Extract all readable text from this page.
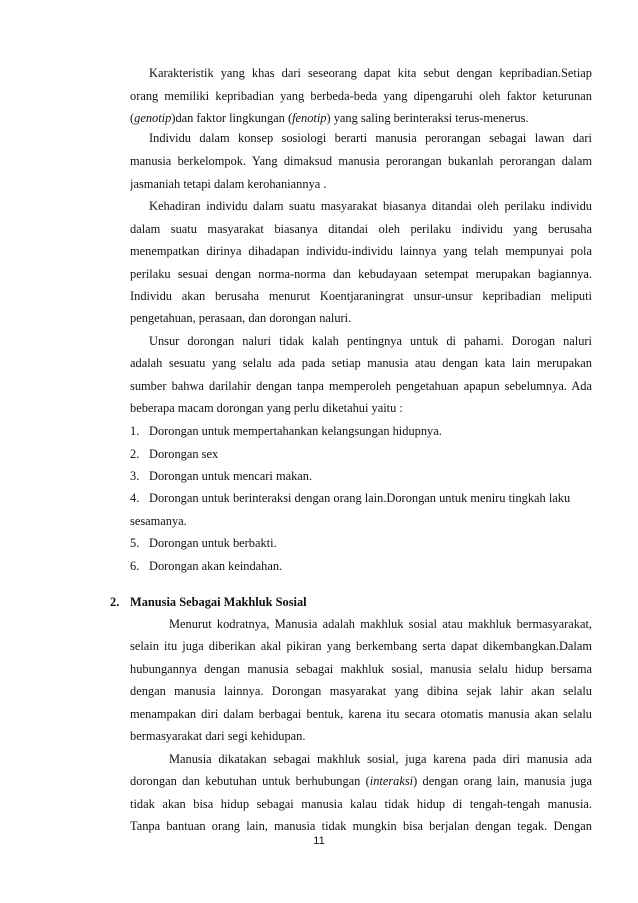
Karakteristik yang khas dari seseorang dapat kita sebut dengan kepribadian.Setiap
orang memiliki kepribadian yang berbeda-beda yang dipengaruhi oleh faktor keturunan
(genotip)dan faktor lingkungan (fenotip) yang saling berinteraksi terus-menerus.
Individu dalam konsep sosiologi berarti manusia perorangan sebagai lawan dari
manusia berkelompok. Yang dimaksud manusia perorangan bukanlah perorangan dalam
jasmaniah tetapi dalam kerohaniannya .
Kehadiran individu dalam suatu masyarakat biasanya ditandai oleh perilaku individu
dalam suatu masyarakat biasanya ditandai oleh perilaku individu yang berusaha
menempatkan dirinya dihadapan individu-individu lainnya yang telah mempunyai pola
perilaku sesuai dengan norma-norma dan kebudayaan setempat merupakan bagiannya.
Individu akan berusaha menurut Koentjaraningrat unsur-unsur kepribadian meliputi
pengetahuan, perasaan, dan dorongan naluri.
Unsur dorongan naluri tidak kalah pentingnya untuk di pahami. Dorogan naluri
adalah sesuatu yang selalu ada pada setiap manusia atau dengan kata lain merupakan
sumber bahwa darilahir dengan tanpa memperoleh pengetahuan apapun sebelumnya. Ada
beberapa macam dorongan yang perlu diketahui yaitu :
1. Dorongan untuk mempertahankan kelangsungan hidupnya.
2. Dorongan sex
3. Dorongan untuk mencari makan.
4. Dorongan untuk berinteraksi dengan orang lain.Dorongan untuk meniru tingkah laku
sesamanya.
5. Dorongan untuk berbakti.
6. Dorongan akan keindahan.
2. Manusia Sebagai Makhluk Sosial
Menurut kodratnya, Manusia adalah makhluk sosial atau makhluk bermasyarakat,
selain itu juga diberikan akal pikiran yang berkembang serta dapat dikembangkan.Dalam
hubungannya dengan manusia sebagai makhluk sosial, manusia selalu hidup bersama
dengan manusia lainnya. Dorongan masyarakat yang dibina sejak lahir akan selalu
menampakan diri dalam berbagai bentuk, karena itu secara otomatis manusia akan selalu
bermasyarakat dari segi kehidupan.
Manusia dikatakan sebagai makhluk sosial, juga karena pada diri manusia ada
dorongan dan kebutuhan untuk berhubungan (interaksi) dengan orang lain, manusia juga
tidak akan bisa hidup sebagai manusia kalau tidak hidup di tengah-tengah manusia.
Tanpa bantuan orang lain, manusia tidak mungkin bisa berjalan dengan tegak. Dengan
11
